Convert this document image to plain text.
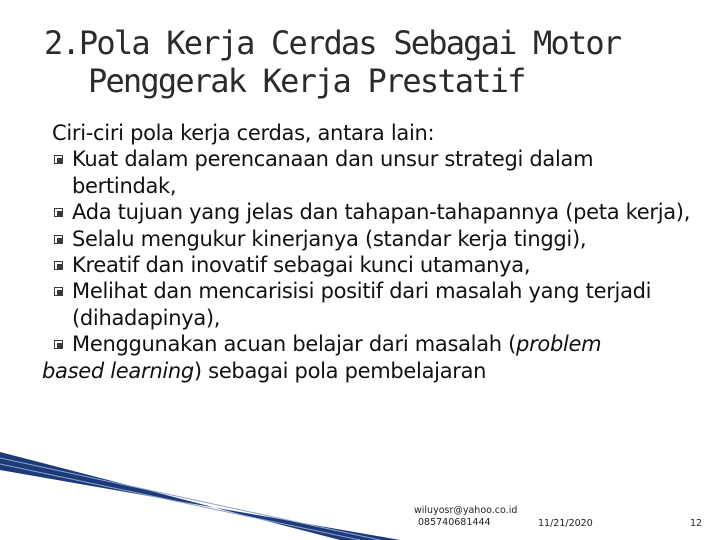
2.Pola Kerja Cerdas Sebagai Motor
Penggerak Kerja Prestatif

Ciri-ciri pola kerja cerdas, antara lain:

Kuat dalam perencanaan dan unsur strategi dalam bertindak,
Ada tujuan yang jelas dan tahapan-tahapannya (peta kerja),
Selalu mengukur kinerjanya (standar kerja tinggi),
Kreatif dan inovatif sebagai kunci utamanya,
Melihat dan mencarisisi positif dari masalah yang terjadi (dihadapinya),
Menggunakan acuan belajar dari masalah (problem
based learning) sebagai pola pembelajaran
wiluyosr@yahoo.co.id
085740681444	11/21/2020	12
